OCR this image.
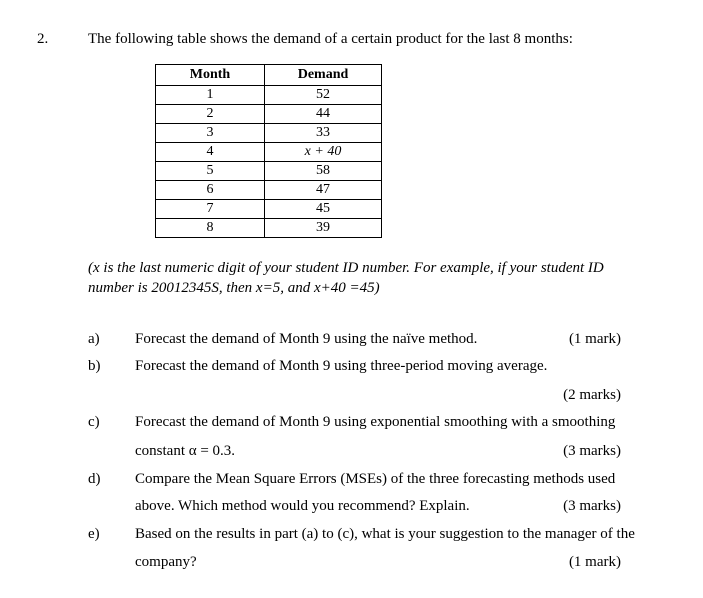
2.	The following table shows the demand of a certain product for the last 8 months:
Month	Demand
1	52
2	44
3	33
4	x + 40
5	58
6	47
7	45
8	39
(x is the last numeric digit of your student ID number. For example, if your student ID
number is 20012345S, then x=5, and x+40 =45)
a) Forecast the demand of Month 9 using the naïve method.	(1 mark)
b) Forecast the demand of Month 9 using three-period moving average.
(2 marks)
c) Forecast the demand of Month 9 using exponential smoothing with a smoothing
constant α = 0.3.	(3 marks)
d) Compare the Mean Square Errors (MSEs) of the three forecasting methods used
above. Which method would you recommend? Explain.	(3 marks)
e) Based on the results in part (a) to (c), what is your suggestion to the manager of the
company?	(1 mark)
